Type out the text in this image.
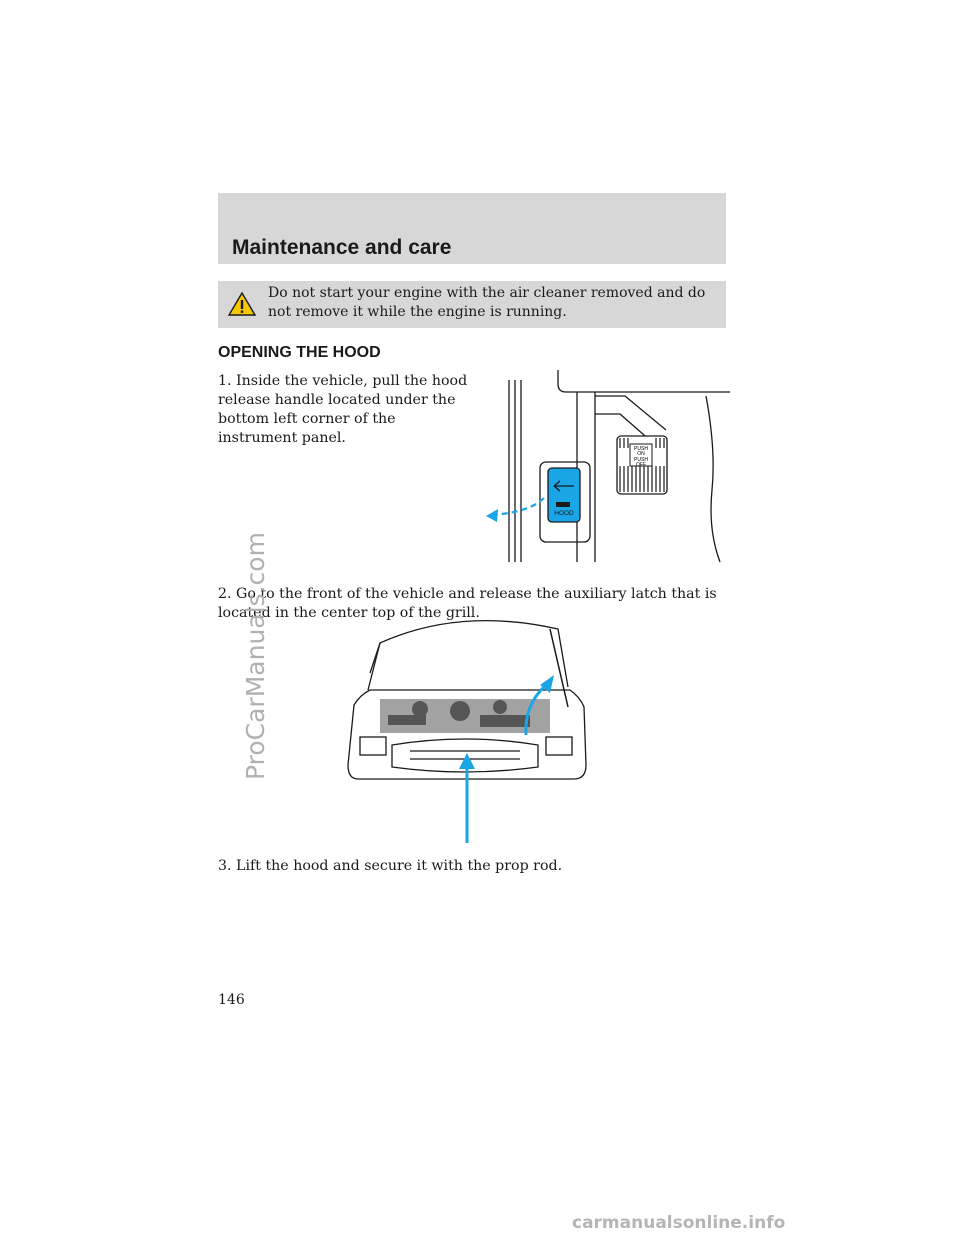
Maintenance and care
Do not start your engine with the air cleaner removed and do not remove it while the engine is running.
OPENING THE HOOD
1. Inside the vehicle, pull the hood release handle located under the bottom left corner of the instrument panel.
PUSH
ON
PUSH
OFF
HOOD
2. Go to the front of the vehicle and release the auxiliary latch that is located in the center top of the grill.
3. Lift the hood and secure it with the prop rod.
146
ProCarManuals.com
carmanualsonline.info
